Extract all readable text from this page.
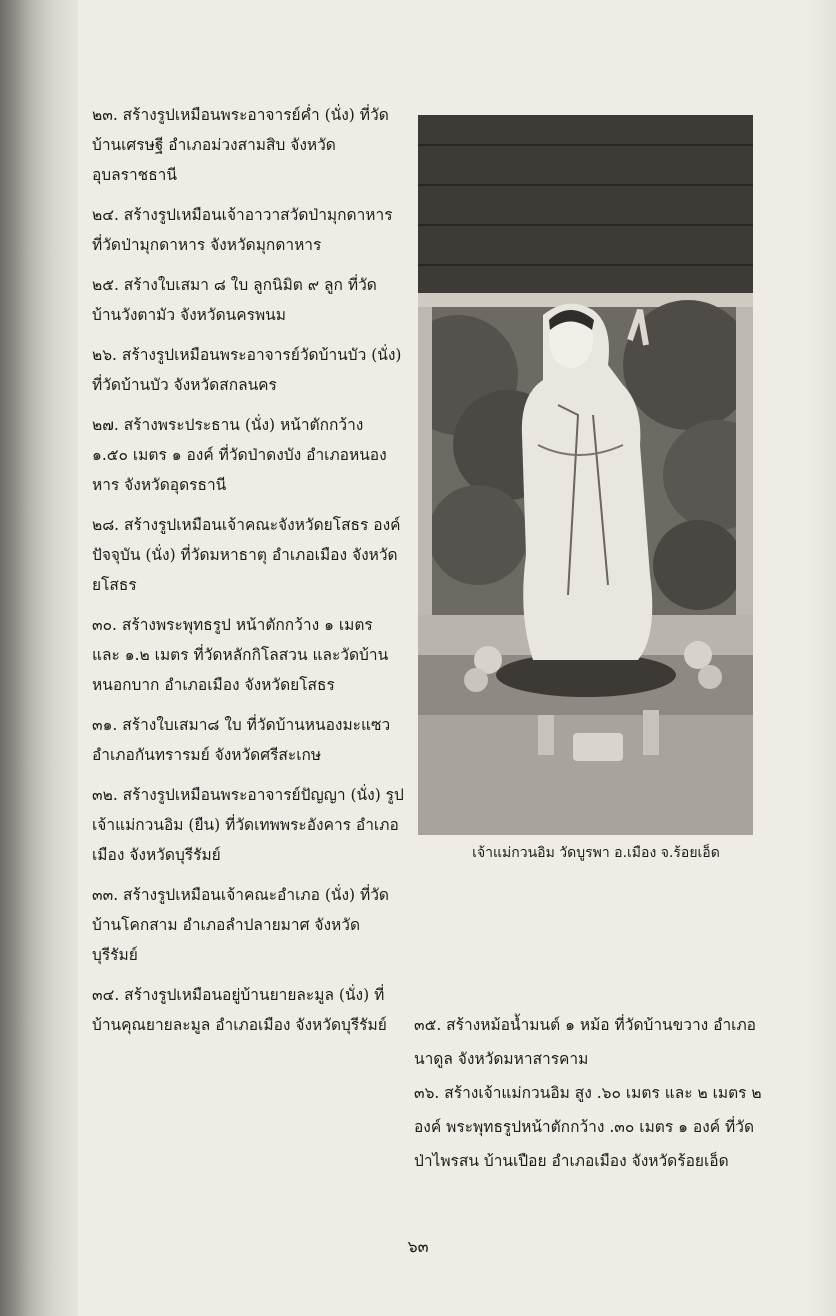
๒๓. สร้างรูปเหมือนพระอาจารย์ค่ำ (นั่ง) ที่วัดบ้านเศรษฐี อำเภอม่วงสามสิบ จังหวัดอุบลราชธานี

๒๔. สร้างรูปเหมือนเจ้าอาวาสวัดป่ามุกดาหาร ที่วัดป่ามุกดาหาร จังหวัดมุกดาหาร

๒๕. สร้างใบเสมา ๘ ใบ ลูกนิมิต ๙ ลูก ที่วัดบ้านวังตามัว จังหวัดนครพนม

๒๖. สร้างรูปเหมือนพระอาจารย์วัดบ้านบัว (นั่ง) ที่วัดบ้านบัว จังหวัดสกลนคร

๒๗. สร้างพระประธาน (นั่ง) หน้าตักกว้าง ๑.๕๐ เมตร ๑ องค์ ที่วัดป่าดงบัง อำเภอหนองหาร จังหวัดอุดรธานี

๒๘. สร้างรูปเหมือนเจ้าคณะจังหวัดยโสธร องค์ปัจจุบัน (นั่ง) ที่วัดมหาธาตุ อำเภอเมือง จังหวัดยโสธร

๓๐. สร้างพระพุทธรูป หน้าตักกว้าง ๑ เมตร และ ๑.๒ เมตร ที่วัดหลักกิโลสวน และวัดบ้านหนอกบาก อำเภอเมือง จังหวัดยโสธร

๓๑. สร้างใบเสมา๘ ใบ ที่วัดบ้านหนองมะแซว อำเภอกันทรารมย์ จังหวัดศรีสะเกษ

๓๒. สร้างรูปเหมือนพระอาจารย์ปัญญา (นั่ง) รูปเจ้าแม่กวนอิม (ยืน) ที่วัดเทพพระอังคาร อำเภอเมือง จังหวัดบุรีรัมย์

๓๓. สร้างรูปเหมือนเจ้าคณะอำเภอ (นั่ง) ที่วัดบ้านโคกสาม อำเภอลำปลายมาศ จังหวัดบุรีรัมย์

๓๔. สร้างรูปเหมือนอยู่บ้านยายละมูล (นั่ง) ที่บ้านคุณยายละมูล อำเภอเมือง จังหวัดบุรีรัมย์

เจ้าแม่กวนอิม วัดบูรพา อ.เมือง จ.ร้อยเอ็ด

๓๕. สร้างหม้อน้ำมนต์ ๑ หม้อ ที่วัดบ้านขวาง อำเภอนาดูล จังหวัดมหาสารคาม

๓๖. สร้างเจ้าแม่กวนอิม สูง .๖๐ เมตร และ ๒ เมตร ๒ องค์ พระพุทธรูปหน้าตักกว้าง .๓๐ เมตร ๑ องค์ ที่วัดป่าไพรสน บ้านเปือย อำเภอเมือง จังหวัดร้อยเอ็ด

๖๓
